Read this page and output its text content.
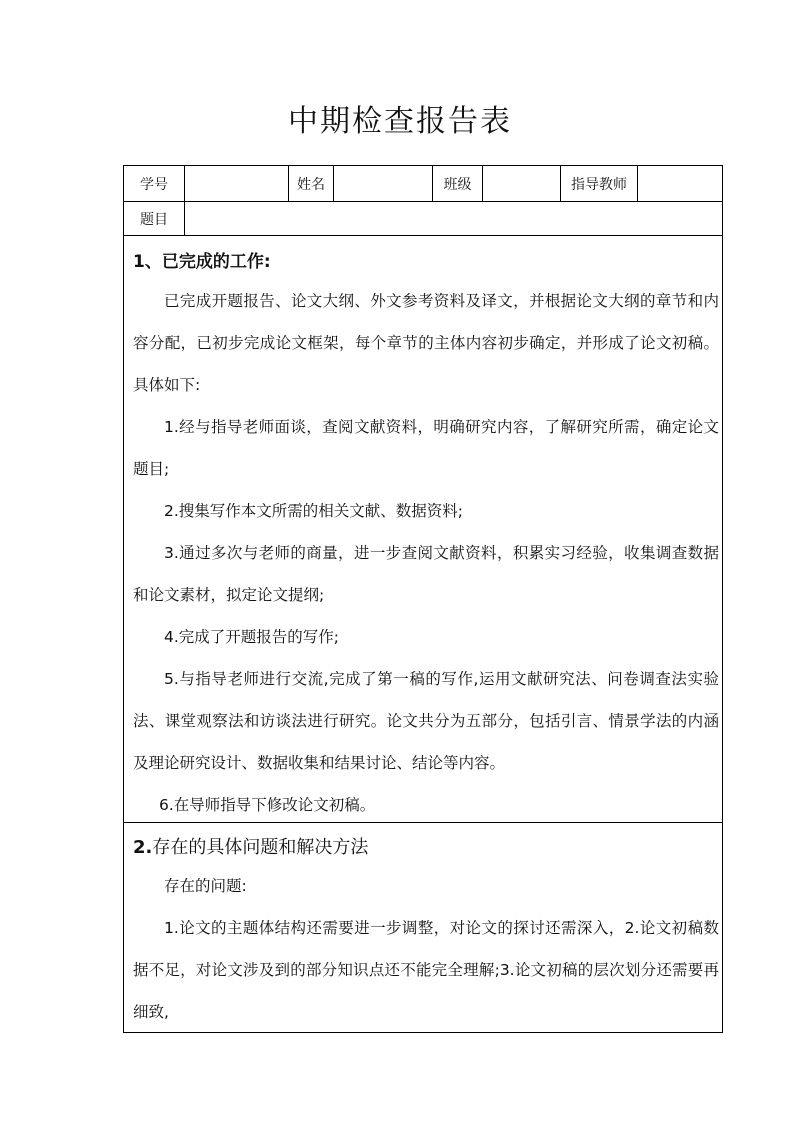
中期检查报告表
学号	姓名	班级	指导教师
题目
1、已完成的工作:
已完成开题报告、论文大纲、外文参考资料及译文，并根据论文大纲的章节和内容分配，已初步完成论文框架，每个章节的主体内容初步确定，并形成了论文初稿。具体如下:
1.经与指导老师面谈，查阅文献资料，明确研究内容，了解研究所需，确定论文题目;
2.搜集写作本文所需的相关文献、数据资料;
3.通过多次与老师的商量，进一步查阅文献资料，积累实习经验，收集调查数据和论文素材，拟定论文提纲;
4.完成了开题报告的写作;
5.与指导老师进行交流,完成了第一稿的写作,运用文献研究法、问卷调查法实验法、课堂观察法和访谈法进行研究。论文共分为五部分，包括引言、情景学法的内涵及理论研究设计、数据收集和结果讨论、结论等内容。
6.在导师指导下修改论文初稿。
2.存在的具体问题和解决方法
存在的问题:
1.论文的主题体结构还需要进一步调整，对论文的探讨还需深入，2.论文初稿数据不足，对论文涉及到的部分知识点还不能完全理解;3.论文初稿的层次划分还需要再细致,
